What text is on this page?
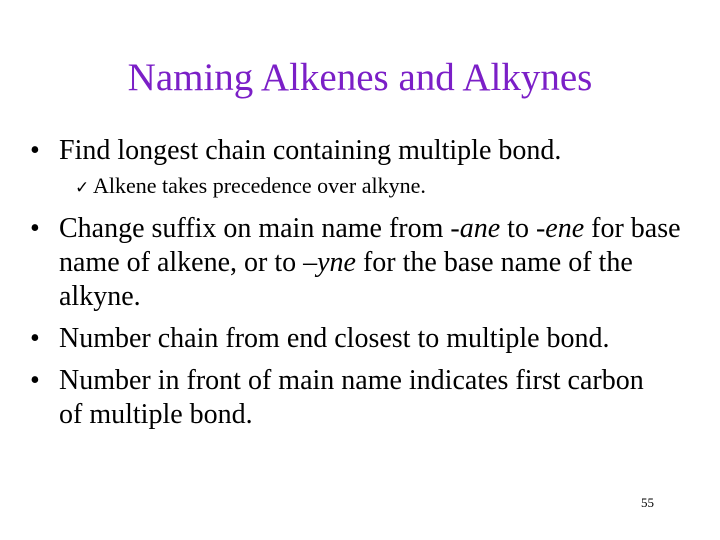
Naming Alkenes and Alkynes
• Find longest chain containing multiple bond.
✓ Alkene takes precedence over alkyne.
• Change suffix on main name from -ane to -ene for base name of alkene, or to –yne for the base name of the alkyne.
• Number chain from end closest to multiple bond.
• Number in front of main name indicates first carbon of multiple bond.
55
